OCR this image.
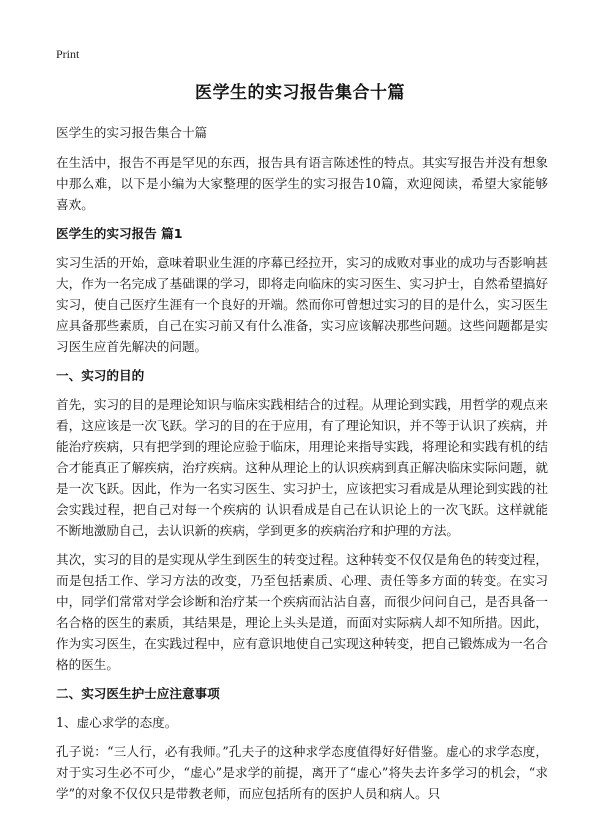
Print
医学生的实习报告集合十篇

医学生的实习报告集合十篇

在生活中，报告不再是罕见的东西，报告具有语言陈述性的特点。其实写报告并没有想象中那么难，以下是小编为大家整理的医学生的实习报告10篇，欢迎阅读，希望大家能够喜欢。

医学生的实习报告 篇1

实习生活的开始，意味着职业生涯的序幕已经拉开，实习的成败对事业的成功与否影响甚大，作为一名完成了基础课的学习，即将走向临床的实习医生、实习护士，自然希望搞好实习，使自己医疗生涯有一个良好的开端。然而你可曾想过实习的目的是什么，实习医生应具备那些素质，自己在实习前又有什么准备，实习应该解决那些问题。这些问题都是实习医生应首先解决的问题。

一、实习的目的

首先，实习的目的是理论知识与临床实践相结合的过程。从理论到实践，用哲学的观点来看，这应该是一次飞跃。学习的目的在于应用，有了理论知识，并不等于认识了疾病，并能治疗疾病，只有把学到的理论应验于临床，用理论来指导实践，将理论和实践有机的结合才能真正了解疾病，治疗疾病。这种从理论上的认识疾病到真正解决临床实际问题，就是一次飞跃。因此，作为一名实习医生、实习护士，应该把实习看成是从理论到实践的社会实践过程，把自己对每一个疾病的 认识看成是自己在认识论上的一次飞跃。这样就能不断地激励自己，去认识新的疾病，学到更多的疾病治疗和护理的方法。

其次，实习的目的是实现从学生到医生的转变过程。这种转变不仅仅是角色的转变过程，而是包括工作、学习方法的改变，乃至包括素质、心理、责任等多方面的转变。在实习中，同学们常常对学会诊断和治疗某一个疾病而沾沾自喜，而很少问问自己，是否具备一名合格的医生的素质，其结果是，理论上头头是道，而面对实际病人却不知所措。因此，作为实习医生，在实践过程中，应有意识地使自己实现这种转变，把自己锻炼成为一名合格的医生。

二、实习医生护士应注意事项

1、虚心求学的态度。

孔子说：“三人行，必有我师。”孔夫子的这种求学态度值得好好借鉴。虚心的求学态度，对于实习生必不可少，“虚心”是求学的前提，离开了“虚心”将失去许多学习的机会，“求学”的对象不仅仅只是带教老师，而应包括所有的医护人员和病人。只
